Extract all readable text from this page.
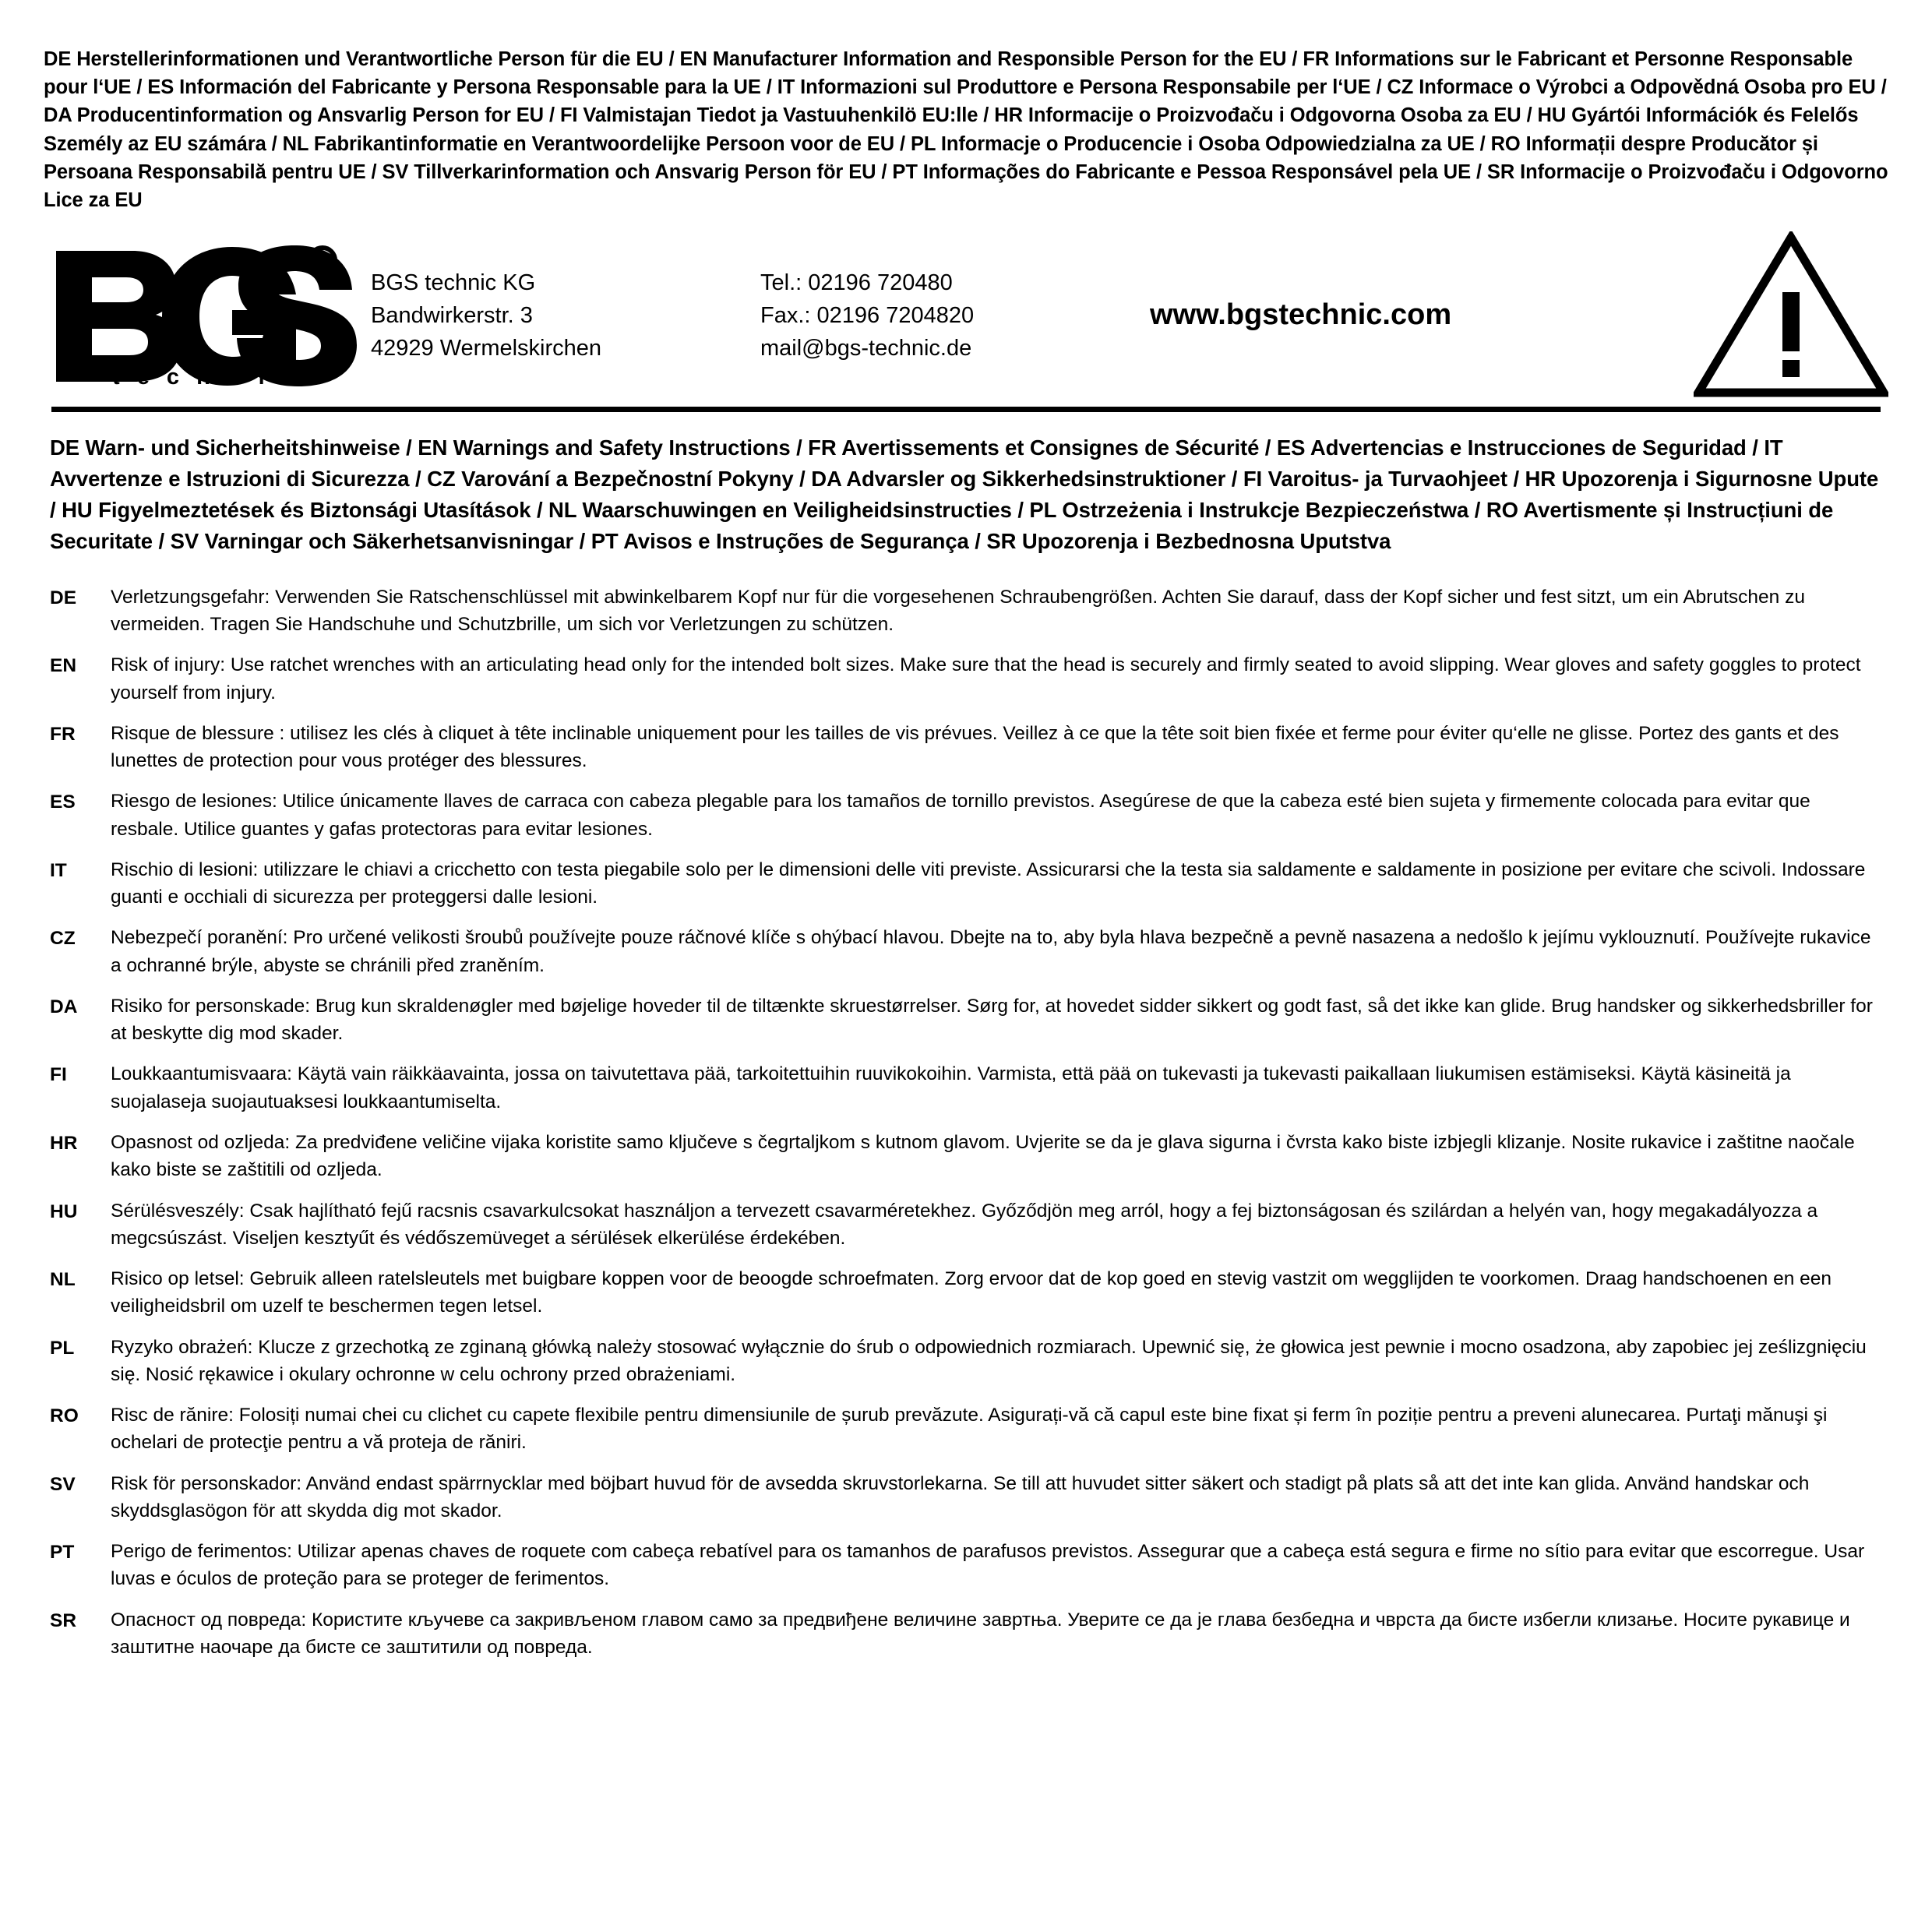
DE Herstellerinformationen und Verantwortliche Person für die EU / EN Manufacturer Information and Responsible Person for the EU / FR Informations sur le Fabricant et Personne Responsable pour l‘UE / ES Información del Fabricante y Persona Responsable para la UE / IT Informazioni sul Produttore e Persona Responsabile per l‘UE / CZ Informace o Výrobci a Odpovědná Osoba pro EU / DA Producentinformation og Ansvarlig Person for EU / FI Valmistajan Tiedot ja Vastuuhenkilö EU:lle / HR Informacije o Proizvođaču i Odgovorna Osoba za EU / HU Gyártói Információk és Felelős Személy az EU számára / NL Fabrikantinformatie en Verantwoordelijke Persoon voor de EU / PL Informacje o Producencie i Osoba Odpowiedzialna za UE / RO Informații despre Producător și Persoana Responsabilă pentru UE / SV Tillverkarinformation och Ansvarig Person för EU / PT Informações do Fabricante e Pessoa Responsável pela UE / SR Informacije o Proizvođaču i Odgovorno Lice za EU
R
t e c h n i c
BGS technic KG
Bandwirkerstr. 3
42929 Wermelskirchen
Tel.: 02196 720480
Fax.: 02196 7204820
mail@bgs-technic.de
www.bgstechnic.com
DE Warn- und Sicherheitshinweise / EN Warnings and Safety Instructions / FR Avertissements et Consignes de Sécurité / ES Advertencias e Instrucciones de Seguridad / IT Avvertenze e Istruzioni di Sicurezza / CZ Varování a Bezpečnostní Pokyny / DA Advarsler og Sikkerhedsinstruktioner / FI Varoitus- ja Turvaohjeet / HR Upozorenja i Sigurnosne Upute / HU Figyelmeztetések és Biztonsági Utasítások / NL Waarschuwingen en Veiligheidsinstructies / PL Ostrzeżenia i Instrukcje Bezpieczeństwa / RO Avertismente și Instrucțiuni de Securitate / SV Varningar och Säkerhetsanvisningar / PT Avisos e Instruções de Segurança / SR Upozorenja i Bezbednosna Uputstva
DE	Verletzungsgefahr: Verwenden Sie Ratschenschlüssel mit abwinkelbarem Kopf nur für die vorgesehenen Schraubengrößen. Achten Sie darauf, dass der Kopf sicher und fest sitzt, um ein Abrutschen zu vermeiden. Tragen Sie Handschuhe und Schutzbrille, um sich vor Verletzungen zu schützen.
EN	Risk of injury: Use ratchet wrenches with an articulating head only for the intended bolt sizes. Make sure that the head is securely and firmly seated to avoid slipping. Wear gloves and safety goggles to protect yourself from injury.
FR	Risque de blessure : utilisez les clés à cliquet à tête inclinable uniquement pour les tailles de vis prévues. Veillez à ce que la tête soit bien fixée et ferme pour éviter qu‘elle ne glisse. Portez des gants et des lunettes de protection pour vous protéger des blessures.
ES	Riesgo de lesiones: Utilice únicamente llaves de carraca con cabeza plegable para los tamaños de tornillo previstos. Asegúrese de que la cabeza esté bien sujeta y firmemente colocada para evitar que resbale. Utilice guantes y gafas protectoras para evitar lesiones.
IT	Rischio di lesioni: utilizzare le chiavi a cricchetto con testa piegabile solo per le dimensioni delle viti previste. Assicurarsi che la testa sia saldamente e saldamente in posizione per evitare che scivoli. Indossare guanti e occhiali di sicurezza per proteggersi dalle lesioni.
CZ	Nebezpečí poranění: Pro určené velikosti šroubů používejte pouze ráčnové klíče s ohýbací hlavou. Dbejte na to, aby byla hlava bezpečně a pevně nasazena a nedošlo k jejímu vyklouznutí. Používejte rukavice a ochranné brýle, abyste se chránili před zraněním.
DA	Risiko for personskade: Brug kun skraldenøgler med bøjelige hoveder til de tiltænkte skruestørrelser. Sørg for, at hovedet sidder sikkert og godt fast, så det ikke kan glide. Brug handsker og sikkerhedsbriller for at beskytte dig mod skader.
FI	Loukkaantumisvaara: Käytä vain räikkäavainta, jossa on taivutettava pää, tarkoitettuihin ruuvikokoihin. Varmista, että pää on tukevasti ja tukevasti paikallaan liukumisen estämiseksi. Käytä käsineitä ja suojalaseja suojautuaksesi loukkaantumiselta.
HR	Opasnost od ozljeda: Za predviđene veličine vijaka koristite samo ključeve s čegrtaljkom s kutnom glavom. Uvjerite se da je glava sigurna i čvrsta kako biste izbjegli klizanje. Nosite rukavice i zaštitne naočale kako biste se zaštitili od ozljeda.
HU	Sérülésveszély: Csak hajlítható fejű racsnis csavarkulcsokat használjon a tervezett csavarméretekhez. Győződjön meg arról, hogy a fej biztonságosan és szilárdan a helyén van, hogy megakadályozza a megcsúszást. Viseljen kesztyűt és védőszemüveget a sérülések elkerülése érdekében.
NL	Risico op letsel: Gebruik alleen ratelsleutels met buigbare koppen voor de beoogde schroefmaten. Zorg ervoor dat de kop goed en stevig vastzit om wegglijden te voorkomen. Draag handschoenen en een veiligheidsbril om uzelf te beschermen tegen letsel.
PL	Ryzyko obrażeń: Klucze z grzechotką ze zginaną główką należy stosować wyłącznie do śrub o odpowiednich rozmiarach. Upewnić się, że głowica jest pewnie i mocno osadzona, aby zapobiec jej ześlizgnięciu się. Nosić rękawice i okulary ochronne w celu ochrony przed obrażeniami.
RO	Risc de rănire: Folosiți numai chei cu clichet cu capete flexibile pentru dimensiunile de șurub prevăzute. Asigurați-vă că capul este bine fixat și ferm în poziție pentru a preveni alunecarea. Purtaţi mănuşi şi ochelari de protecţie pentru a vă proteja de răniri.
SV	Risk för personskador: Använd endast spärrnycklar med böjbart huvud för de avsedda skruvstorlekarna. Se till att huvudet sitter säkert och stadigt på plats så att det inte kan glida. Använd handskar och skyddsglasögon för att skydda dig mot skador.
PT	Perigo de ferimentos: Utilizar apenas chaves de roquete com cabeça rebatível para os tamanhos de parafusos previstos. Assegurar que a cabeça está segura e firme no sítio para evitar que escorregue. Usar luvas e óculos de proteção para se proteger de ferimentos.
SR	Опасност од повреда: Користите кључеве са закривљеном главом само за предвиђене величине завртња. Уверите се да је глава безбедна и чврста да бисте избегли клизање. Носите рукавице и заштитне наочаре да бисте се заштитили од повреда.
